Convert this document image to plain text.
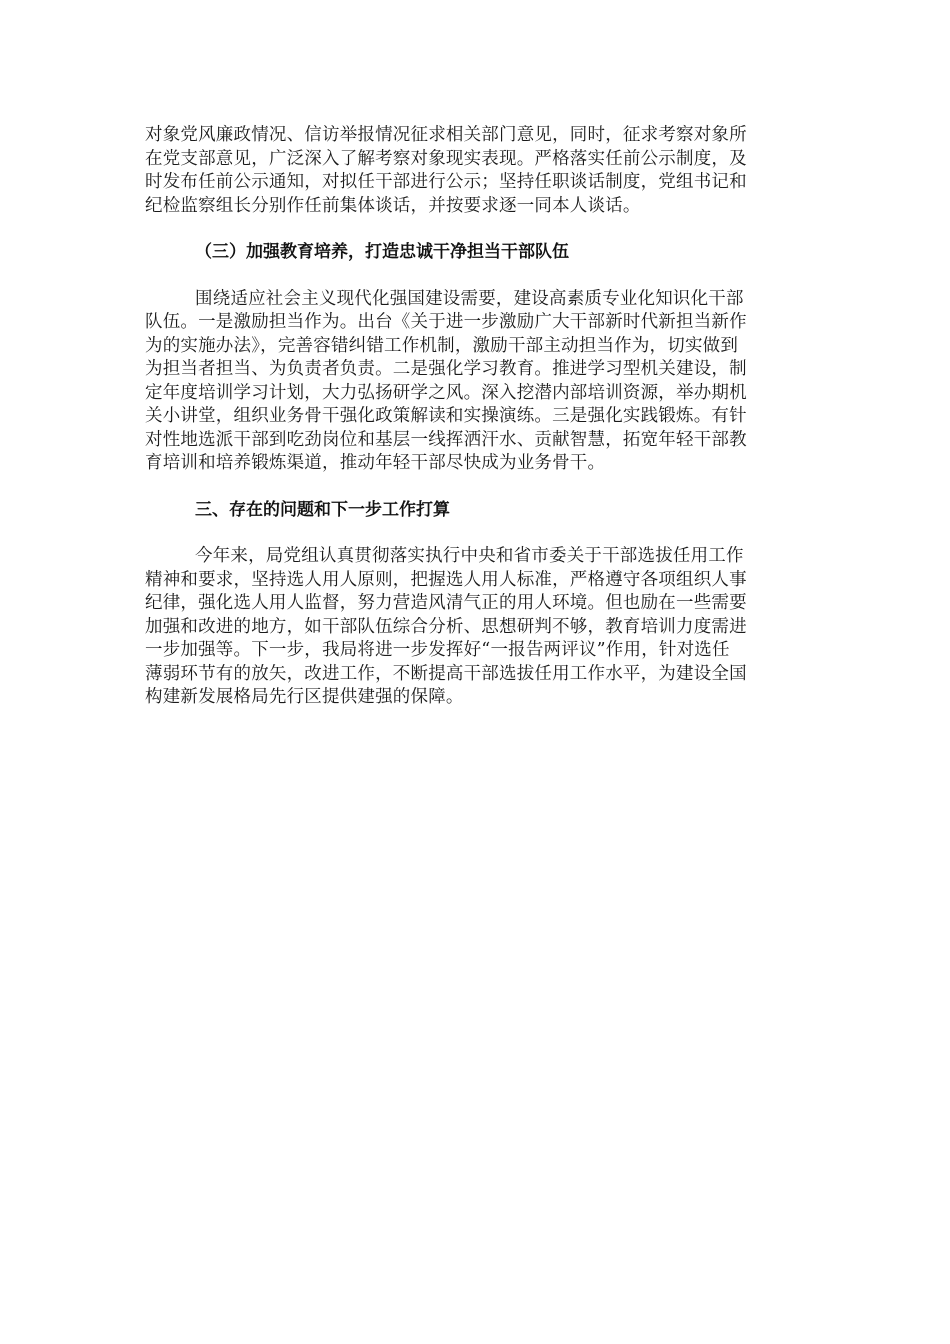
对象党风廉政情况、信访举报情况征求相关部门意见，同时，征求考察对象所
在党支部意见，广泛深入了解考察对象现实表现。严格落实任前公示制度，及
时发布任前公示通知，对拟任干部进行公示；坚持任职谈话制度，党组书记和
纪检监察组长分别作任前集体谈话，并按要求逐一同本人谈话。
（三）加强教育培养，打造忠诚干净担当干部队伍
围绕适应社会主义现代化强国建设需要，建设高素质专业化知识化干部
队伍。一是激励担当作为。出台《关于进一步激励广大干部新时代新担当新作
为的实施办法》，完善容错纠错工作机制，激励干部主动担当作为，切实做到
为担当者担当、为负责者负责。二是强化学习教育。推进学习型机关建设，制
定年度培训学习计划，大力弘扬研学之风。深入挖潜内部培训资源，举办期机
关小讲堂，组织业务骨干强化政策解读和实操演练。三是强化实践锻炼。有针
对性地选派干部到吃劲岗位和基层一线挥洒汗水、贡献智慧，拓宽年轻干部教
育培训和培养锻炼渠道，推动年轻干部尽快成为业务骨干。
三、存在的问题和下一步工作打算
今年来，局党组认真贯彻落实执行中央和省市委关于干部选拔任用工作
精神和要求，坚持选人用人原则，把握选人用人标准，严格遵守各项组织人事
纪律，强化选人用人监督，努力营造风清气正的用人环境。但也励在一些需要
加强和改进的地方，如干部队伍综合分析、思想研判不够，教育培训力度需进
一步加强等。下一步，我局将进一步发挥好“一报告两评议”作用，针对选任
薄弱环节有的放矢，改进工作，不断提高干部选拔任用工作水平，为建设全国
构建新发展格局先行区提供建强的保障。
